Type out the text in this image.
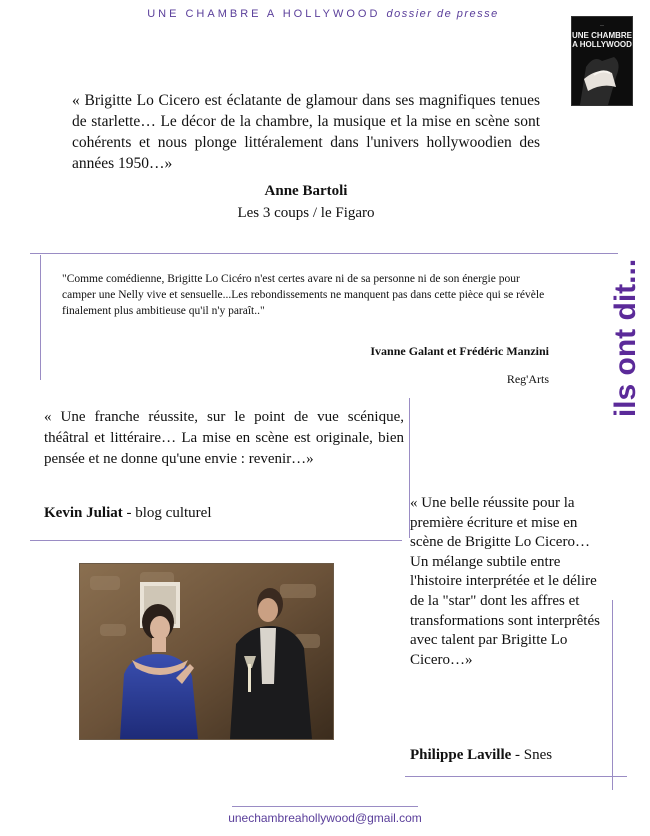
UNE CHAMBRE A HOLLYWOOD dossier de presse
―
UNE CHAMBRE A HOLLYWOOD
« Brigitte Lo Cicero est éclatante de glamour dans ses magnifiques tenues de starlette… Le décor de la chambre, la musique et la mise en scène sont cohérents et nous plonge littéralement dans l'univers hollywoodien des années 1950…»
Anne Bartoli
Les 3 coups / le Figaro
"Comme comédienne, Brigitte Lo Cicéro n'est certes avare ni de sa personne ni de son énergie pour camper une Nelly vive et sensuelle...Les rebondissements ne manquent pas dans cette pièce qui se révèle finalement plus ambitieuse qu'il n'y paraît.."
Ivanne Galant et Frédéric Manzini
Reg'Arts ils ont dit...
« Une franche réussite, sur le point de vue scénique, théâtral et littéraire… La mise en scène est originale, bien pensée et ne donne qu'une envie : revenir…»
Kevin Juliat - blog culturel
« Une belle réussite pour la première écriture et mise en scène de Brigitte Lo Cicero… Un mélange subtile entre l'histoire interprétée et le délire de la "star" dont les affres et transformations sont interprêtés avec talent par Brigitte Lo Cicero…»
Philippe Laville - Snes
unechambreahollywood@gmail.com
